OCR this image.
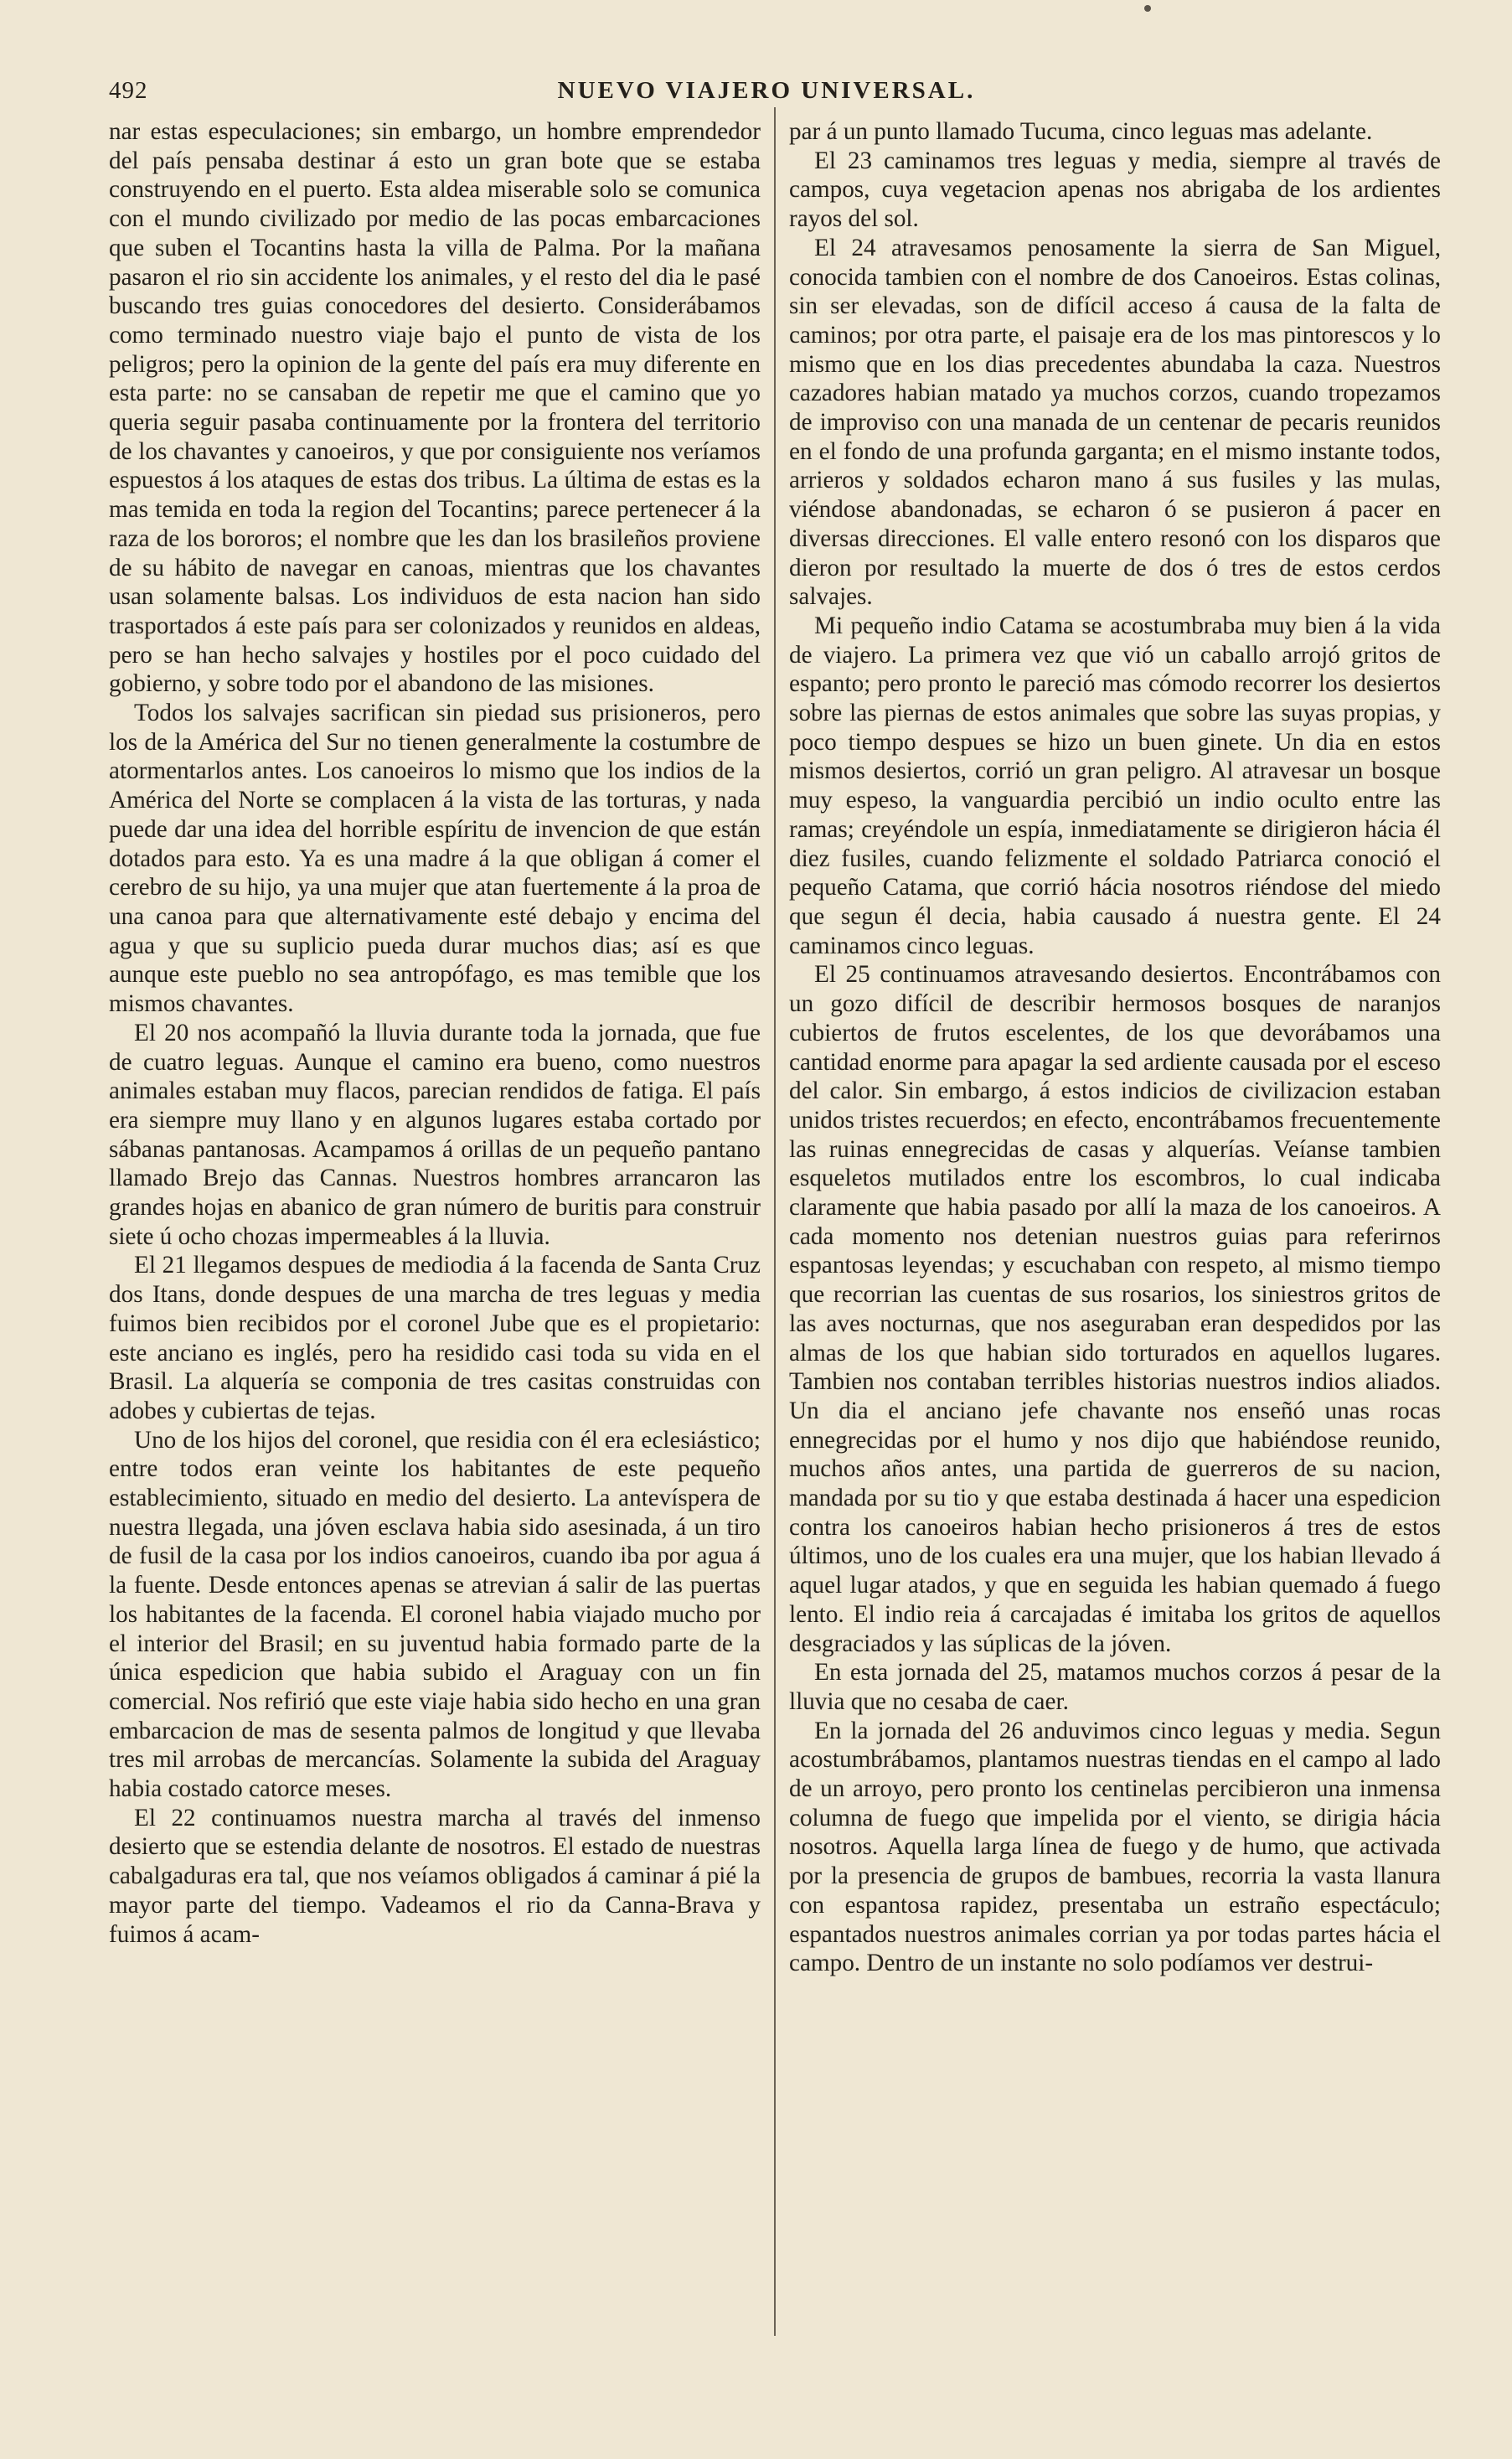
492	NUEVO VIAJERO UNIVERSAL.

nar estas especulaciones; sin embargo, un hombre emprendedor del país pensaba destinar á esto un gran bote que se estaba construyendo en el puerto. Esta aldea miserable solo se comunica con el mundo civilizado por medio de las pocas embarcaciones que suben el Tocantins hasta la villa de Palma. Por la mañana pasaron el rio sin accidente los animales, y el resto del dia le pasé buscando tres guias conocedores del desierto. Considerábamos como terminado nuestro viaje bajo el punto de vista de los peligros; pero la opinion de la gente del país era muy diferente en esta parte: no se cansaban de repetir me que el camino que yo queria seguir pasaba continuamente por la frontera del territorio de los chavantes y canoeiros, y que por consiguiente nos veríamos espuestos á los ataques de estas dos tribus. La última de estas es la mas temida en toda la region del Tocantins; parece pertenecer á la raza de los bororos; el nombre que les dan los brasileños proviene de su hábito de navegar en canoas, mientras que los chavantes usan solamente balsas. Los individuos de esta nacion han sido trasportados á este país para ser colonizados y reunidos en aldeas, pero se han hecho salvajes y hostiles por el poco cuidado del gobierno, y sobre todo por el abandono de las misiones.

Todos los salvajes sacrifican sin piedad sus prisioneros, pero los de la América del Sur no tienen generalmente la costumbre de atormentarlos antes. Los canoeiros lo mismo que los indios de la América del Norte se complacen á la vista de las torturas, y nada puede dar una idea del horrible espíritu de invencion de que están dotados para esto. Ya es una madre á la que obligan á comer el cerebro de su hijo, ya una mujer que atan fuertemente á la proa de una canoa para que alternativamente esté debajo y encima del agua y que su suplicio pueda durar muchos dias; así es que aunque este pueblo no sea antropófago, es mas temible que los mismos chavantes.

El 20 nos acompañó la lluvia durante toda la jornada, que fue de cuatro leguas. Aunque el camino era bueno, como nuestros animales estaban muy flacos, parecian rendidos de fatiga. El país era siempre muy llano y en algunos lugares estaba cortado por sábanas pantanosas. Acampamos á orillas de un pequeño pantano llamado Brejo das Cannas. Nuestros hombres arrancaron las grandes hojas en abanico de gran número de buritis para construir siete ú ocho chozas impermeables á la lluvia.

El 21 llegamos despues de mediodia á la facenda de Santa Cruz dos Itans, donde despues de una marcha de tres leguas y media fuimos bien recibidos por el coronel Jube que es el propietario: este anciano es inglés, pero ha residido casi toda su vida en el Brasil. La alquería se componia de tres casitas construidas con adobes y cubiertas de tejas.

Uno de los hijos del coronel, que residia con él era eclesiástico; entre todos eran veinte los habitantes de este pequeño establecimiento, situado en medio del desierto. La antevíspera de nuestra llegada, una jóven esclava habia sido asesinada, á un tiro de fusil de la casa por los indios canoeiros, cuando iba por agua á la fuente. Desde entonces apenas se atrevian á salir de las puertas los habitantes de la facenda. El coronel habia viajado mucho por el interior del Brasil; en su juventud habia formado parte de la única espedicion que habia subido el Araguay con un fin comercial. Nos refirió que este viaje habia sido hecho en una gran embarcacion de mas de sesenta palmos de longitud y que llevaba tres mil arrobas de mercancías. Solamente la subida del Araguay habia costado catorce meses.

El 22 continuamos nuestra marcha al través del inmenso desierto que se estendia delante de nosotros. El estado de nuestras cabalgaduras era tal, que nos veíamos obligados á caminar á pié la mayor parte del tiempo. Vadeamos el rio da Canna-Brava y fuimos á acam-

par á un punto llamado Tucuma, cinco leguas mas adelante.

El 23 caminamos tres leguas y media, siempre al través de campos, cuya vegetacion apenas nos abrigaba de los ardientes rayos del sol.

El 24 atravesamos penosamente la sierra de San Miguel, conocida tambien con el nombre de dos Canoeiros. Estas colinas, sin ser elevadas, son de difícil acceso á causa de la falta de caminos; por otra parte, el paisaje era de los mas pintorescos y lo mismo que en los dias precedentes abundaba la caza. Nuestros cazadores habian matado ya muchos corzos, cuando tropezamos de improviso con una manada de un centenar de pecaris reunidos en el fondo de una profunda garganta; en el mismo instante todos, arrieros y soldados echaron mano á sus fusiles y las mulas, viéndose abandonadas, se echaron ó se pusieron á pacer en diversas direcciones. El valle entero resonó con los disparos que dieron por resultado la muerte de dos ó tres de estos cerdos salvajes.

Mi pequeño indio Catama se acostumbraba muy bien á la vida de viajero. La primera vez que vió un caballo arrojó gritos de espanto; pero pronto le pareció mas cómodo recorrer los desiertos sobre las piernas de estos animales que sobre las suyas propias, y poco tiempo despues se hizo un buen ginete. Un dia en estos mismos desiertos, corrió un gran peligro. Al atravesar un bosque muy espeso, la vanguardia percibió un indio oculto entre las ramas; creyéndole un espía, inmediatamente se dirigieron hácia él diez fusiles, cuando felizmente el soldado Patriarca conoció el pequeño Catama, que corrió hácia nosotros riéndose del miedo que segun él decia, habia causado á nuestra gente. El 24 caminamos cinco leguas.

El 25 continuamos atravesando desiertos. Encontrábamos con un gozo difícil de describir hermosos bosques de naranjos cubiertos de frutos escelentes, de los que devorábamos una cantidad enorme para apagar la sed ardiente causada por el esceso del calor. Sin embargo, á estos indicios de civilizacion estaban unidos tristes recuerdos; en efecto, encontrábamos frecuentemente las ruinas ennegrecidas de casas y alquerías. Veíanse tambien esqueletos mutilados entre los escombros, lo cual indicaba claramente que habia pasado por allí la maza de los canoeiros. A cada momento nos detenian nuestros guias para referirnos espantosas leyendas; y escuchaban con respeto, al mismo tiempo que recorrian las cuentas de sus rosarios, los siniestros gritos de las aves nocturnas, que nos aseguraban eran despedidos por las almas de los que habian sido torturados en aquellos lugares. Tambien nos contaban terribles historias nuestros indios aliados. Un dia el anciano jefe chavante nos enseñó unas rocas ennegrecidas por el humo y nos dijo que habiéndose reunido, muchos años antes, una partida de guerreros de su nacion, mandada por su tio y que estaba destinada á hacer una espedicion contra los canoeiros habian hecho prisioneros á tres de estos últimos, uno de los cuales era una mujer, que los habian llevado á aquel lugar atados, y que en seguida les habian quemado á fuego lento. El indio reia á carcajadas é imitaba los gritos de aquellos desgraciados y las súplicas de la jóven.

En esta jornada del 25, matamos muchos corzos á pesar de la lluvia que no cesaba de caer.

En la jornada del 26 anduvimos cinco leguas y media. Segun acostumbrábamos, plantamos nuestras tiendas en el campo al lado de un arroyo, pero pronto los centinelas percibieron una inmensa columna de fuego que impelida por el viento, se dirigia hácia nosotros. Aquella larga línea de fuego y de humo, que activada por la presencia de grupos de bambues, recorria la vasta llanura con espantosa rapidez, presentaba un estraño espectáculo; espantados nuestros animales corrian ya por todas partes hácia el campo. Dentro de un instante no solo podíamos ver destrui-
